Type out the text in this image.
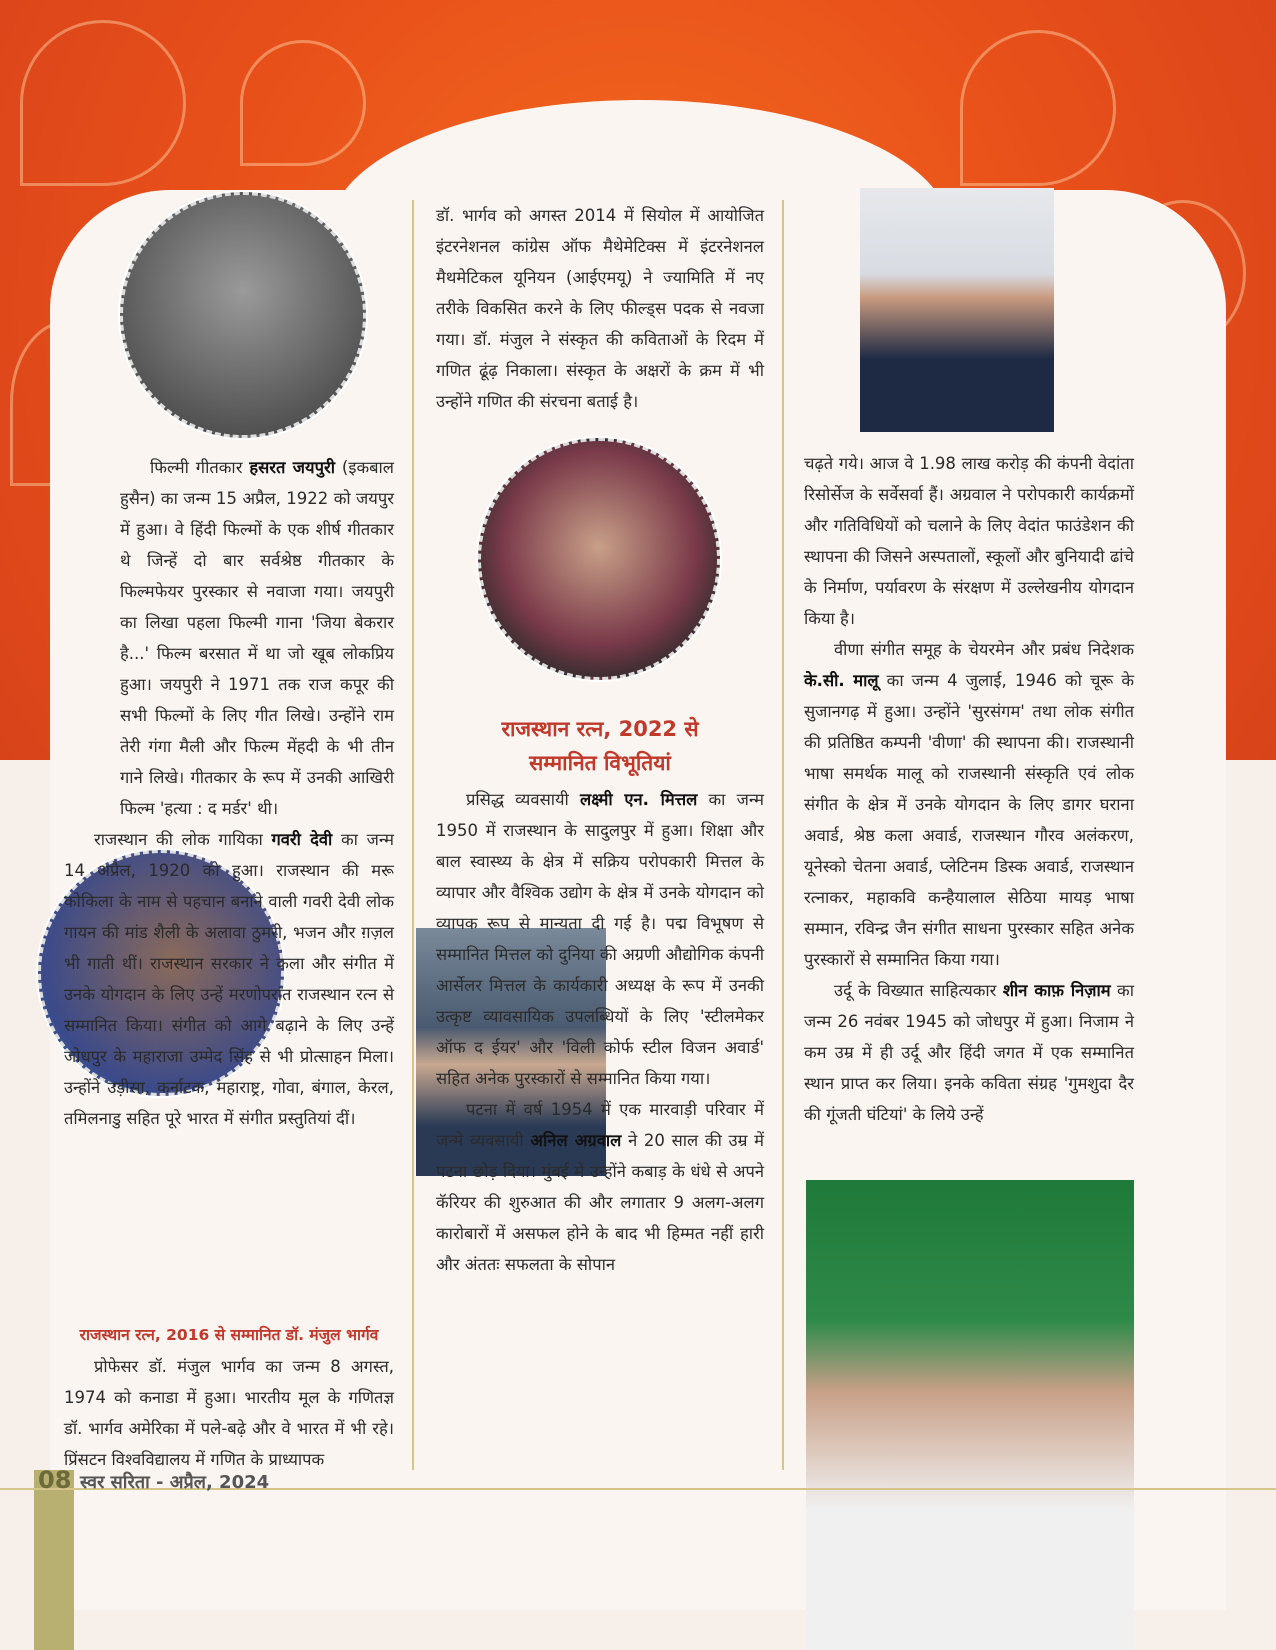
फिल्मी गीतकार हसरत जयपुरी (इकबाल हुसैन) का जन्म 15 अप्रैल, 1922 को जयपुर में हुआ। वे हिंदी फिल्मों के एक शीर्ष गीतकार थे जिन्हें दो बार सर्वश्रेष्ठ गीतकार के फिल्मफेयर पुरस्कार से नवाजा गया। जयपुरी का लिखा पहला फिल्मी गाना 'जिया बेकरार है...' फिल्म बरसात में था जो खूब लोकप्रिय हुआ। जयपुरी ने 1971 तक राज कपूर की सभी फिल्मों के लिए गीत लिखे। उन्होंने राम तेरी गंगा मैली और फिल्म मेंहदी के भी तीन गाने लिखे। गीतकार के रूप में उनकी आखिरी फिल्म 'हत्या : द मर्डर' थी।

राजस्थान की लोक गायिका गवरी देवी का जन्म 14 अप्रैल, 1920 को हुआ। राजस्थान की मरू कोकिला के नाम से पहचान बनाने वाली गवरी देवी लोक गायन की मांड शैली के अलावा ठुमरी, भजन और ग़ज़ल भी गाती थीं। राजस्थान सरकार ने कला और संगीत में उनके योगदान के लिए उन्हें मरणोपरांत राजस्थान रत्न से सम्मानित किया। संगीत को आगे बढ़ाने के लिए उन्हें जोधपुर के महाराजा उम्मेद सिंह से भी प्रोत्साहन मिला। उन्होंने उड़ीसा, कर्नाटक, महाराष्ट्र, गोवा, बंगाल, केरल, तमिलनाडु सहित पूरे भारत में संगीत प्रस्तुतियां दीं।

राजस्थान रत्न, 2016 से सम्मानित डॉ. मंजुल भार्गव

प्रोफेसर डॉ. मंजुल भार्गव का जन्म 8 अगस्त, 1974 को कनाडा में हुआ। भारतीय मूल के गणितज्ञ डॉ. भार्गव अमेरिका में पले-बढ़े और वे भारत में भी रहे। प्रिंसटन विश्वविद्यालय में गणित के प्राध्यापक

डॉ. भार्गव को अगस्त 2014 में सियोल में आयोजित इंटरनेशनल कांग्रेस ऑफ मैथेमेटिक्स में इंटरनेशनल मैथमेटिकल यूनियन (आईएमयू) ने ज्यामिति में नए तरीके विकसित करने के लिए फील्ड्स पदक से नवजा गया। डॉ. मंजुल ने संस्कृत की कविताओं के रिदम में गणित ढूंढ़ निकाला। संस्कृत के अक्षरों के क्रम में भी उन्होंने गणित की संरचना बताई है।

राजस्थान रत्न, 2022 से
सम्मानित विभूतियां

प्रसिद्ध व्यवसायी लक्ष्मी एन. मित्तल का जन्म 1950 में राजस्थान के सादुलपुर में हुआ। शिक्षा और बाल स्वास्थ्य के क्षेत्र में सक्रिय परोपकारी मित्तल के व्यापार और वैश्विक उद्योग के क्षेत्र में उनके योगदान को व्यापक रूप से मान्यता दी गई है। पद्म विभूषण से सम्मानित मित्तल को दुनिया की अग्रणी औद्योगिक कंपनी आर्सेलर मित्तल के कार्यकारी अध्यक्ष के रूप में उनकी उत्कृष्ट व्यावसायिक उपलब्धियों के लिए 'स्टीलमेकर ऑफ द ईयर' और 'विली कोर्फ स्टील विजन अवार्ड' सहित अनेक पुरस्कारों से सम्मानित किया गया।

पटना में वर्ष 1954 में एक मारवाड़ी परिवार में जन्मे व्यवसायी अनिल अग्रवाल ने 20 साल की उम्र में पटना छोड़ दिया। मुंबई में उन्होंने कबाड़ के धंधे से अपने कॅरियर की शुरुआत की और लगातार 9 अलग-अलग कारोबारों में असफल होने के बाद भी हिम्मत नहीं हारी और अंततः सफलता के सोपान

चढ़ते गये। आज वे 1.98 लाख करोड़ की कंपनी वेदांता रिसोर्सेज के सर्वेसर्वा हैं। अग्रवाल ने परोपकारी कार्यक्रमों और गतिविधियों को चलाने के लिए वेदांत फाउंडेशन की स्थापना की जिसने अस्पतालों, स्कूलों और बुनियादी ढांचे के निर्माण, पर्यावरण के संरक्षण में उल्लेखनीय योगदान किया है।

वीणा संगीत समूह के चेयरमेन और प्रबंध निदेशक के.सी. मालू का जन्म 4 जुलाई, 1946 को चूरू के सुजानगढ़ में हुआ। उन्होंने 'सुरसंगम' तथा लोक संगीत की प्रतिष्ठित कम्पनी 'वीणा' की स्थापना की। राजस्थानी भाषा समर्थक मालू को राजस्थानी संस्कृति एवं लोक संगीत के क्षेत्र में उनके योगदान के लिए डागर घराना अवार्ड, श्रेष्ठ कला अवार्ड, राजस्थान गौरव अलंकरण, यूनेस्को चेतना अवार्ड, प्लेटिनम डिस्क अवार्ड, राजस्थान रत्नाकर, महाकवि कन्हैयालाल सेठिया मायड़ भाषा सम्मान, रविन्द्र जैन संगीत साधना पुरस्कार सहित अनेक पुरस्कारों से सम्मानित किया गया।

उर्दू के विख्यात साहित्यकार शीन काफ़ निज़ाम का जन्म 26 नवंबर 1945 को जोधपुर में हुआ। निजाम ने कम उम्र में ही उर्दू और हिंदी जगत में एक सम्मानित स्थान प्राप्त कर लिया। इनके कविता संग्रह 'गुमशुदा दैर की गूंजती घंटियां' के लिये उन्हें

08 स्वर सरिता - अप्रैल, 2024
